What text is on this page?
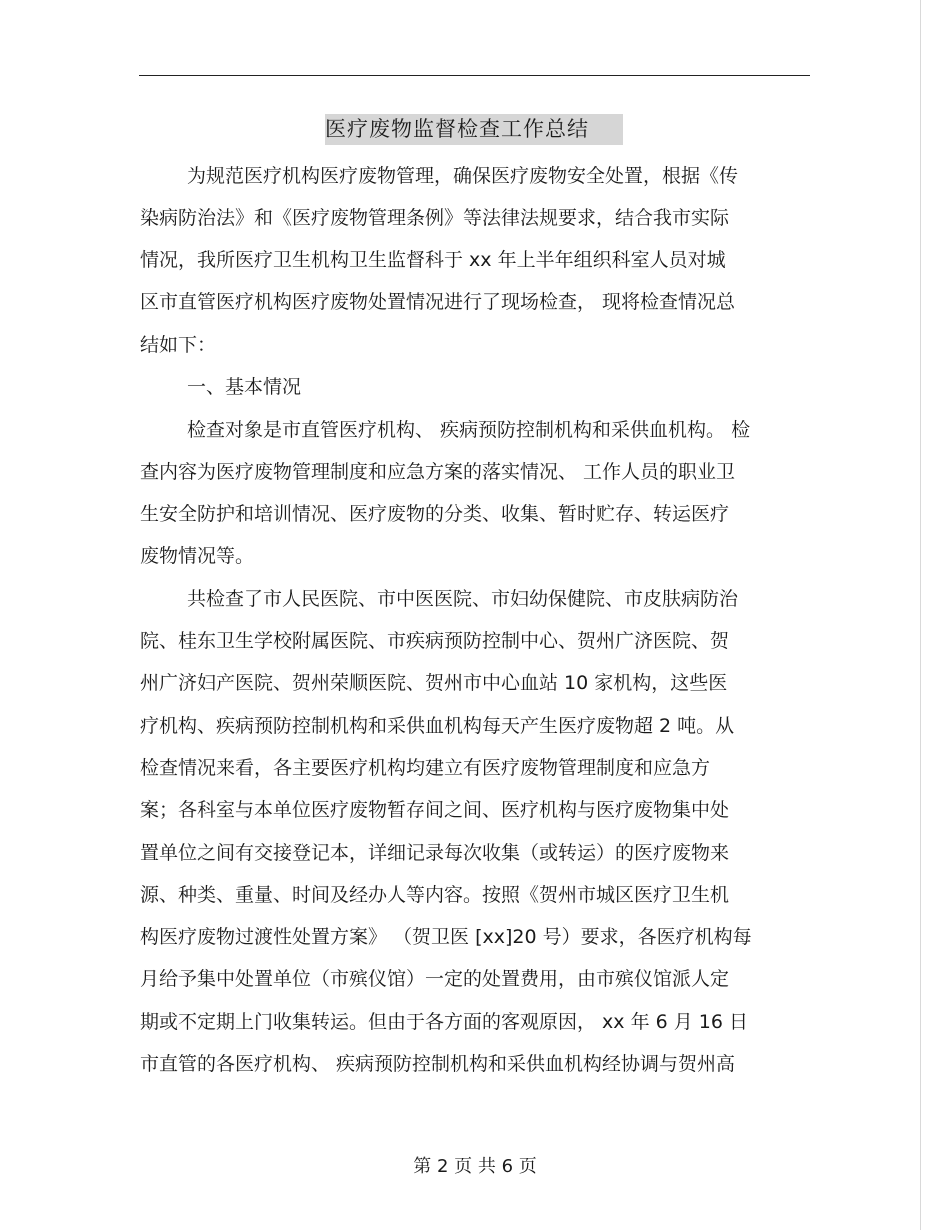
医疗废物监督检查工作总结
为规范医疗机构医疗废物管理，确保医疗废物安全处置，根据《传
染病防治法》和《医疗废物管理条例》等法律法规要求，结合我市实际
情况，我所医疗卫生机构卫生监督科于 xx 年上半年组织科室人员对城
区市直管医疗机构医疗废物处置情况进行了现场检查， 现将检查情况总
结如下：
一、基本情况
检查对象是市直管医疗机构、 疾病预防控制机构和采供血机构。 检
查内容为医疗废物管理制度和应急方案的落实情况、 工作人员的职业卫
生安全防护和培训情况、医疗废物的分类、收集、暂时贮存、转运医疗
废物情况等。
共检查了市人民医院、市中医医院、市妇幼保健院、市皮肤病防治
院、桂东卫生学校附属医院、市疾病预防控制中心、贺州广济医院、贺
州广济妇产医院、贺州荣顺医院、贺州市中心血站 10 家机构，这些医
疗机构、疾病预防控制机构和采供血机构每天产生医疗废物超 2 吨。从
检查情况来看，各主要医疗机构均建立有医疗废物管理制度和应急方
案；各科室与本单位医疗废物暂存间之间、医疗机构与医疗废物集中处
置单位之间有交接登记本，详细记录每次收集（或转运）的医疗废物来
源、种类、重量、时间及经办人等内容。按照《贺州市城区医疗卫生机
构医疗废物过渡性处置方案》 （贺卫医 [xx]20 号）要求，各医疗机构每
月给予集中处置单位（市殡仪馆）一定的处置费用，由市殡仪馆派人定
期或不定期上门收集转运。但由于各方面的客观原因， xx 年 6 月 16 日
市直管的各医疗机构、 疾病预防控制机构和采供血机构经协调与贺州高
第 2 页 共 6 页
